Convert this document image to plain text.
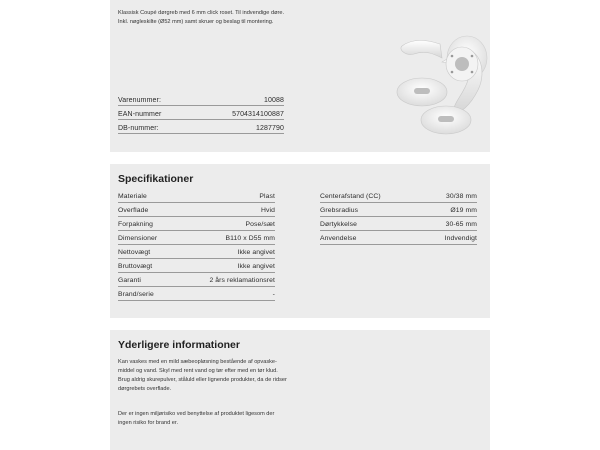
Klassisk Coupé dørgreb med 6 mm click roset. Til indvendige døre. Inkl. nøgleskilte (Ø52 mm) samt skruer og beslag til montering.

Varenummer:	10088
EAN-nummer	5704314100887
DB-nummer:	1287790
Specifikationer
Materiale	Plast
Overflade	Hvid
Forpakning	Pose/sæt
Dimensioner	B110 x D55 mm
Nettovægt	Ikke angivet
Bruttovægt	Ikke angivet
Garanti	2 års reklamationsret
Brand/serie	-
Centerafstand (CC)	30/38 mm
Grebsradius	Ø19 mm
Dørtykkelse	30-65 mm
Anvendelse	Indvendigt
Yderligere informationer

Kan vaskes med en mild sæbeopløsning bestående af opvaske-middel og vand. Skyl med rent vand og tør efter med en tør klud. Brug aldrig skurepulver, ståluld eller lignende produkter, da de ridser dørgrebets overflade.

Der er ingen miljørisiko ved benyttelse af produktet ligesom der ingen risiko for brand er.
